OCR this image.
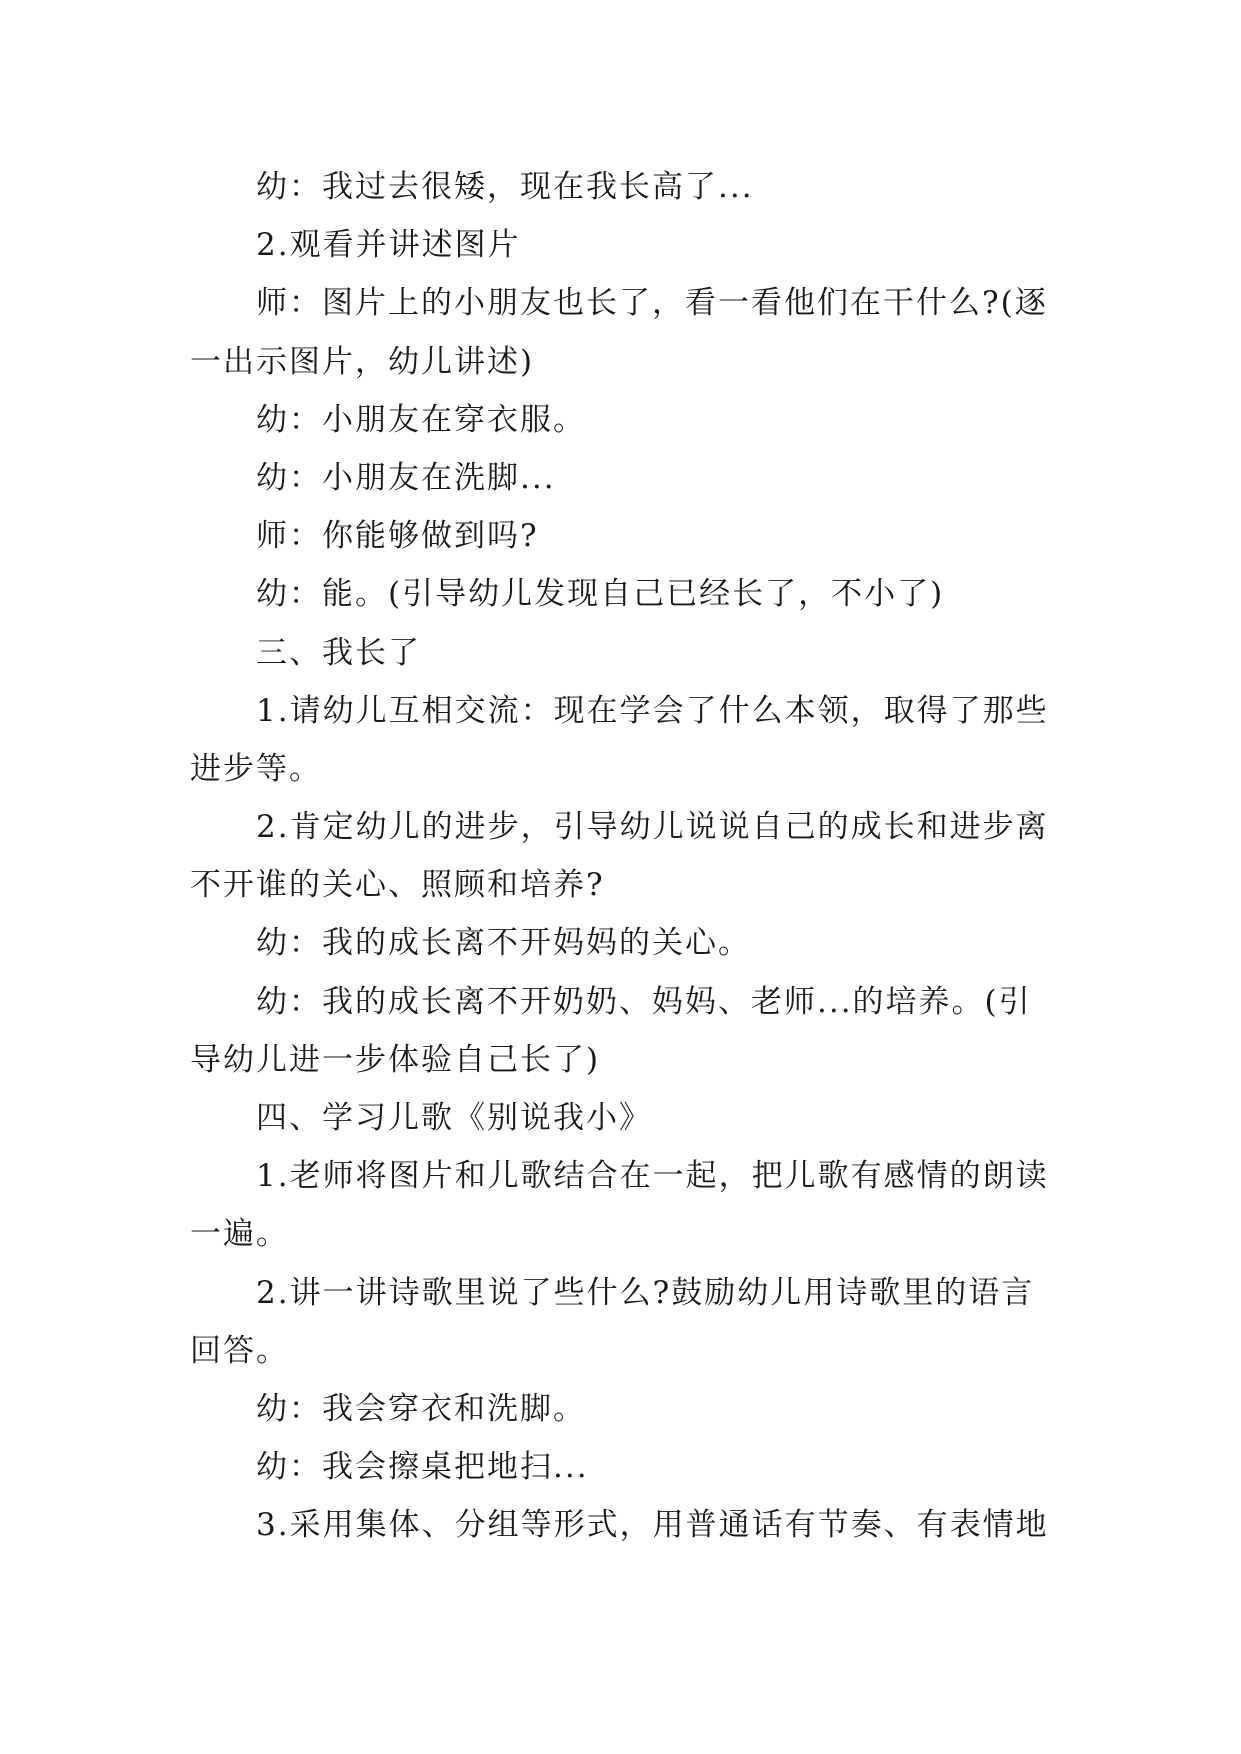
幼：我过去很矮，现在我长高了...
2.观看并讲述图片
师：图片上的小朋友也长了，看一看他们在干什么?(逐
一出示图片，幼儿讲述)
幼：小朋友在穿衣服。
幼：小朋友在洗脚...
师：你能够做到吗?
幼：能。(引导幼儿发现自己已经长了，不小了)
三、我长了
1.请幼儿互相交流：现在学会了什么本领，取得了那些
进步等。
2.肯定幼儿的进步，引导幼儿说说自己的成长和进步离
不开谁的关心、照顾和培养?
幼：我的成长离不开妈妈的关心。
幼：我的成长离不开奶奶、妈妈、老师...的培养。(引
导幼儿进一步体验自己长了)
四、学习儿歌《别说我小》
1.老师将图片和儿歌结合在一起，把儿歌有感情的朗读
一遍。
2.讲一讲诗歌里说了些什么?鼓励幼儿用诗歌里的语言
回答。
幼：我会穿衣和洗脚。
幼：我会擦桌把地扫...
3.采用集体、分组等形式，用普通话有节奏、有表情地
